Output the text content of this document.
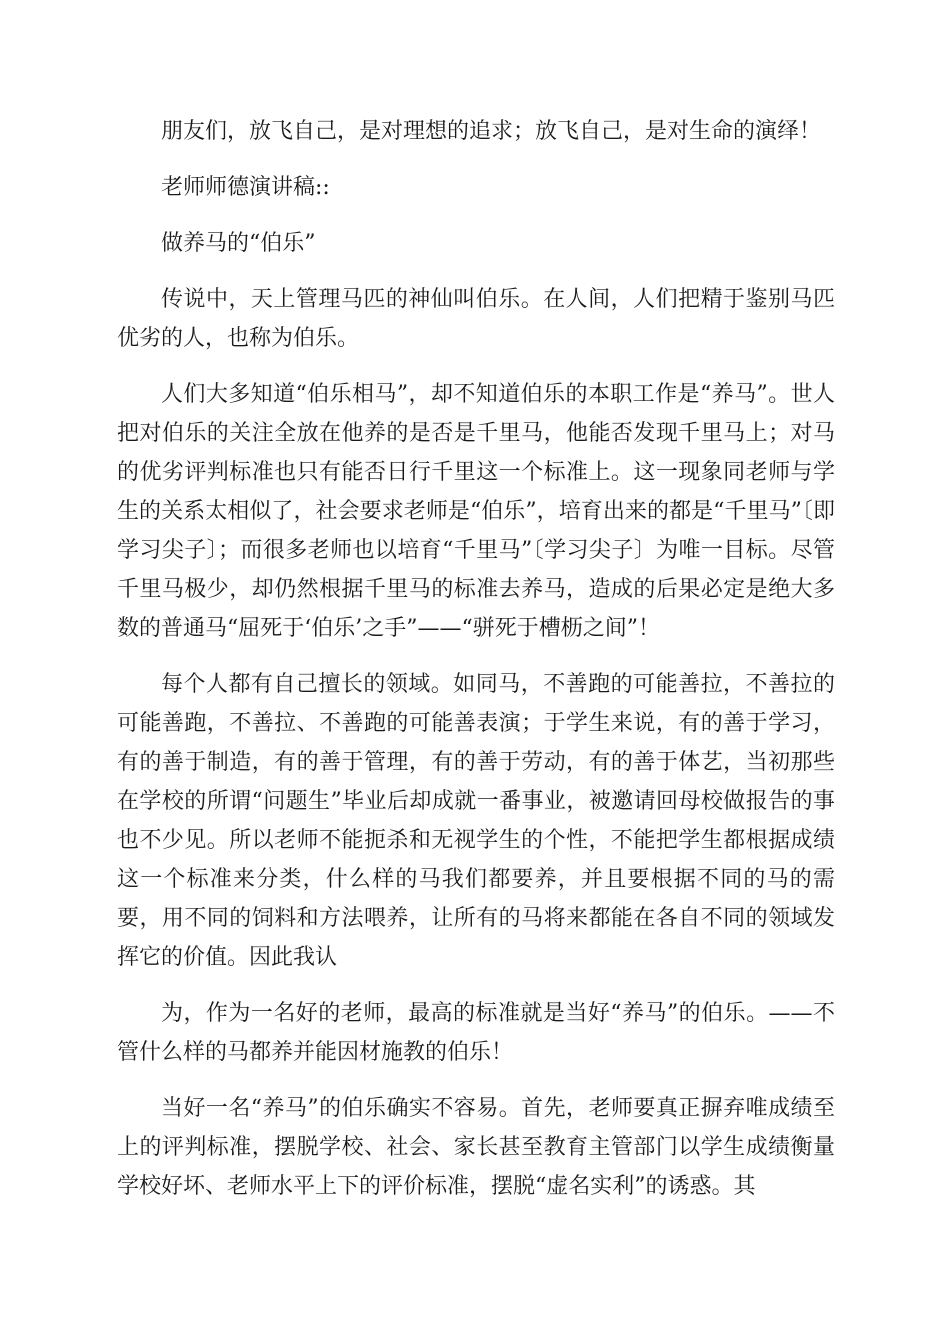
朋友们，放飞自己，是对理想的追求；放飞自己，是对生命的演绎！

老师师德演讲稿::

做养马的“伯乐”

传说中，天上管理马匹的神仙叫伯乐。在人间，人们把精于鉴别马匹优劣的人，也称为伯乐。

人们大多知道“伯乐相马”，却不知道伯乐的本职工作是“养马”。世人把对伯乐的关注全放在他养的是否是千里马，他能否发现千里马上；对马的优劣评判标准也只有能否日行千里这一个标准上。这一现象同老师与学生的关系太相似了，社会要求老师是“伯乐”，培育出来的都是“千里马”〔即学习尖子〕；而很多老师也以培育“千里马”〔学习尖子〕为唯一目标。尽管千里马极少，却仍然根据千里马的标准去养马，造成的后果必定是绝大多数的普通马“屈死于‘伯乐’之手”——“骈死于槽枥之间”！

每个人都有自己擅长的领域。如同马，不善跑的可能善拉，不善拉的可能善跑，不善拉、不善跑的可能善表演；于学生来说，有的善于学习，有的善于制造，有的善于管理，有的善于劳动，有的善于体艺，当初那些在学校的所谓“问题生”毕业后却成就一番事业，被邀请回母校做报告的事也不少见。所以老师不能扼杀和无视学生的个性，不能把学生都根据成绩这一个标准来分类，什么样的马我们都要养，并且要根据不同的马的需要，用不同的饲料和方法喂养，让所有的马将来都能在各自不同的领域发挥它的价值。因此我认

为，作为一名好的老师，最高的标准就是当好“养马”的伯乐。——不管什么样的马都养并能因材施教的伯乐！

当好一名“养马”的伯乐确实不容易。首先，老师要真正摒弃唯成绩至上的评判标准，摆脱学校、社会、家长甚至教育主管部门以学生成绩衡量学校好坏、老师水平上下的评价标准，摆脱“虚名实利”的诱惑。其
